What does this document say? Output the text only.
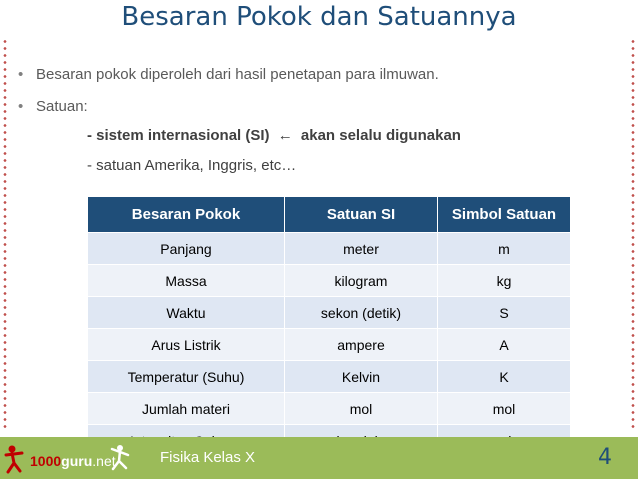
Besaran Pokok dan Satuannya
• Besaran pokok diperoleh dari hasil penetapan para ilmuwan.
• Satuan:
- sistem internasional (SI) ← akan selalu digunakan
- satuan Amerika, Inggris, etc…
Besaran Pokok	Satuan SI	Simbol Satuan
Panjang	meter	m
Massa	kilogram	kg
Waktu	sekon (detik)	S
Arus Listrik	ampere	A
Temperatur (Suhu)	Kelvin	K
Jumlah materi	mol	mol

1000guru.net	Fisika Kelas X	4
